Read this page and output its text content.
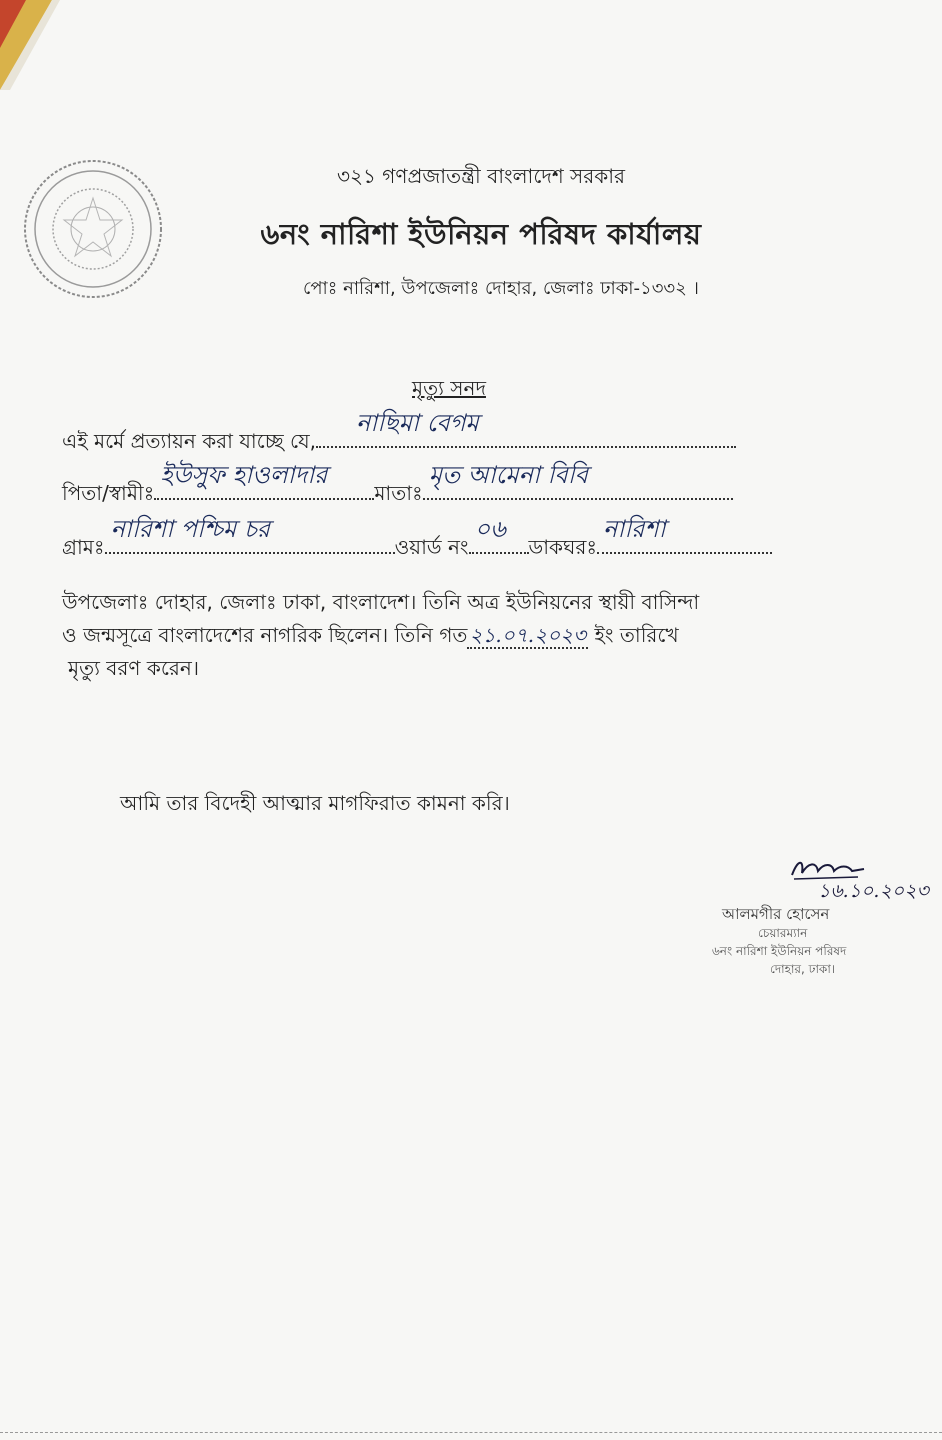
৩২১ গণপ্রজাতন্ত্রী বাংলাদেশ সরকার
৬নং নারিশা ইউনিয়ন পরিষদ কার্যালয়
পোঃ নারিশা, উপজেলাঃ দোহার, জেলাঃ ঢাকা-১৩৩২ ।
মৃত্যু সনদ
এই মর্মে প্রত্যায়ন করা যাচ্ছে যে,
নাছিমা বেগম
পিতা/স্বামীঃ
ইউসুফ হাওলাদার
মাতাঃ
মৃত আমেনা বিবি
গ্রামঃ
নারিশা পশ্চিম চর
ওয়ার্ড নং
০৬
ডাকঘরঃ
নারিশা
উপজেলাঃ দোহার, জেলাঃ ঢাকা, বাংলাদেশ। তিনি অত্র ইউনিয়নের স্থায়ী বাসিন্দা
ও জন্মসূত্রে বাংলাদেশের নাগরিক ছিলেন। তিনি গত ২১.০৭.২০২৩ ইং তারিখে
মৃত্যু বরণ করেন।
আমি তার বিদেহী আত্মার মাগফিরাত কামনা করি।
১৬.১০.২০২৩
আলমগীর হোসেন
চেয়ারম্যান
৬নং নারিশা ইউনিয়ন পরিষদ
দোহার, ঢাকা।
